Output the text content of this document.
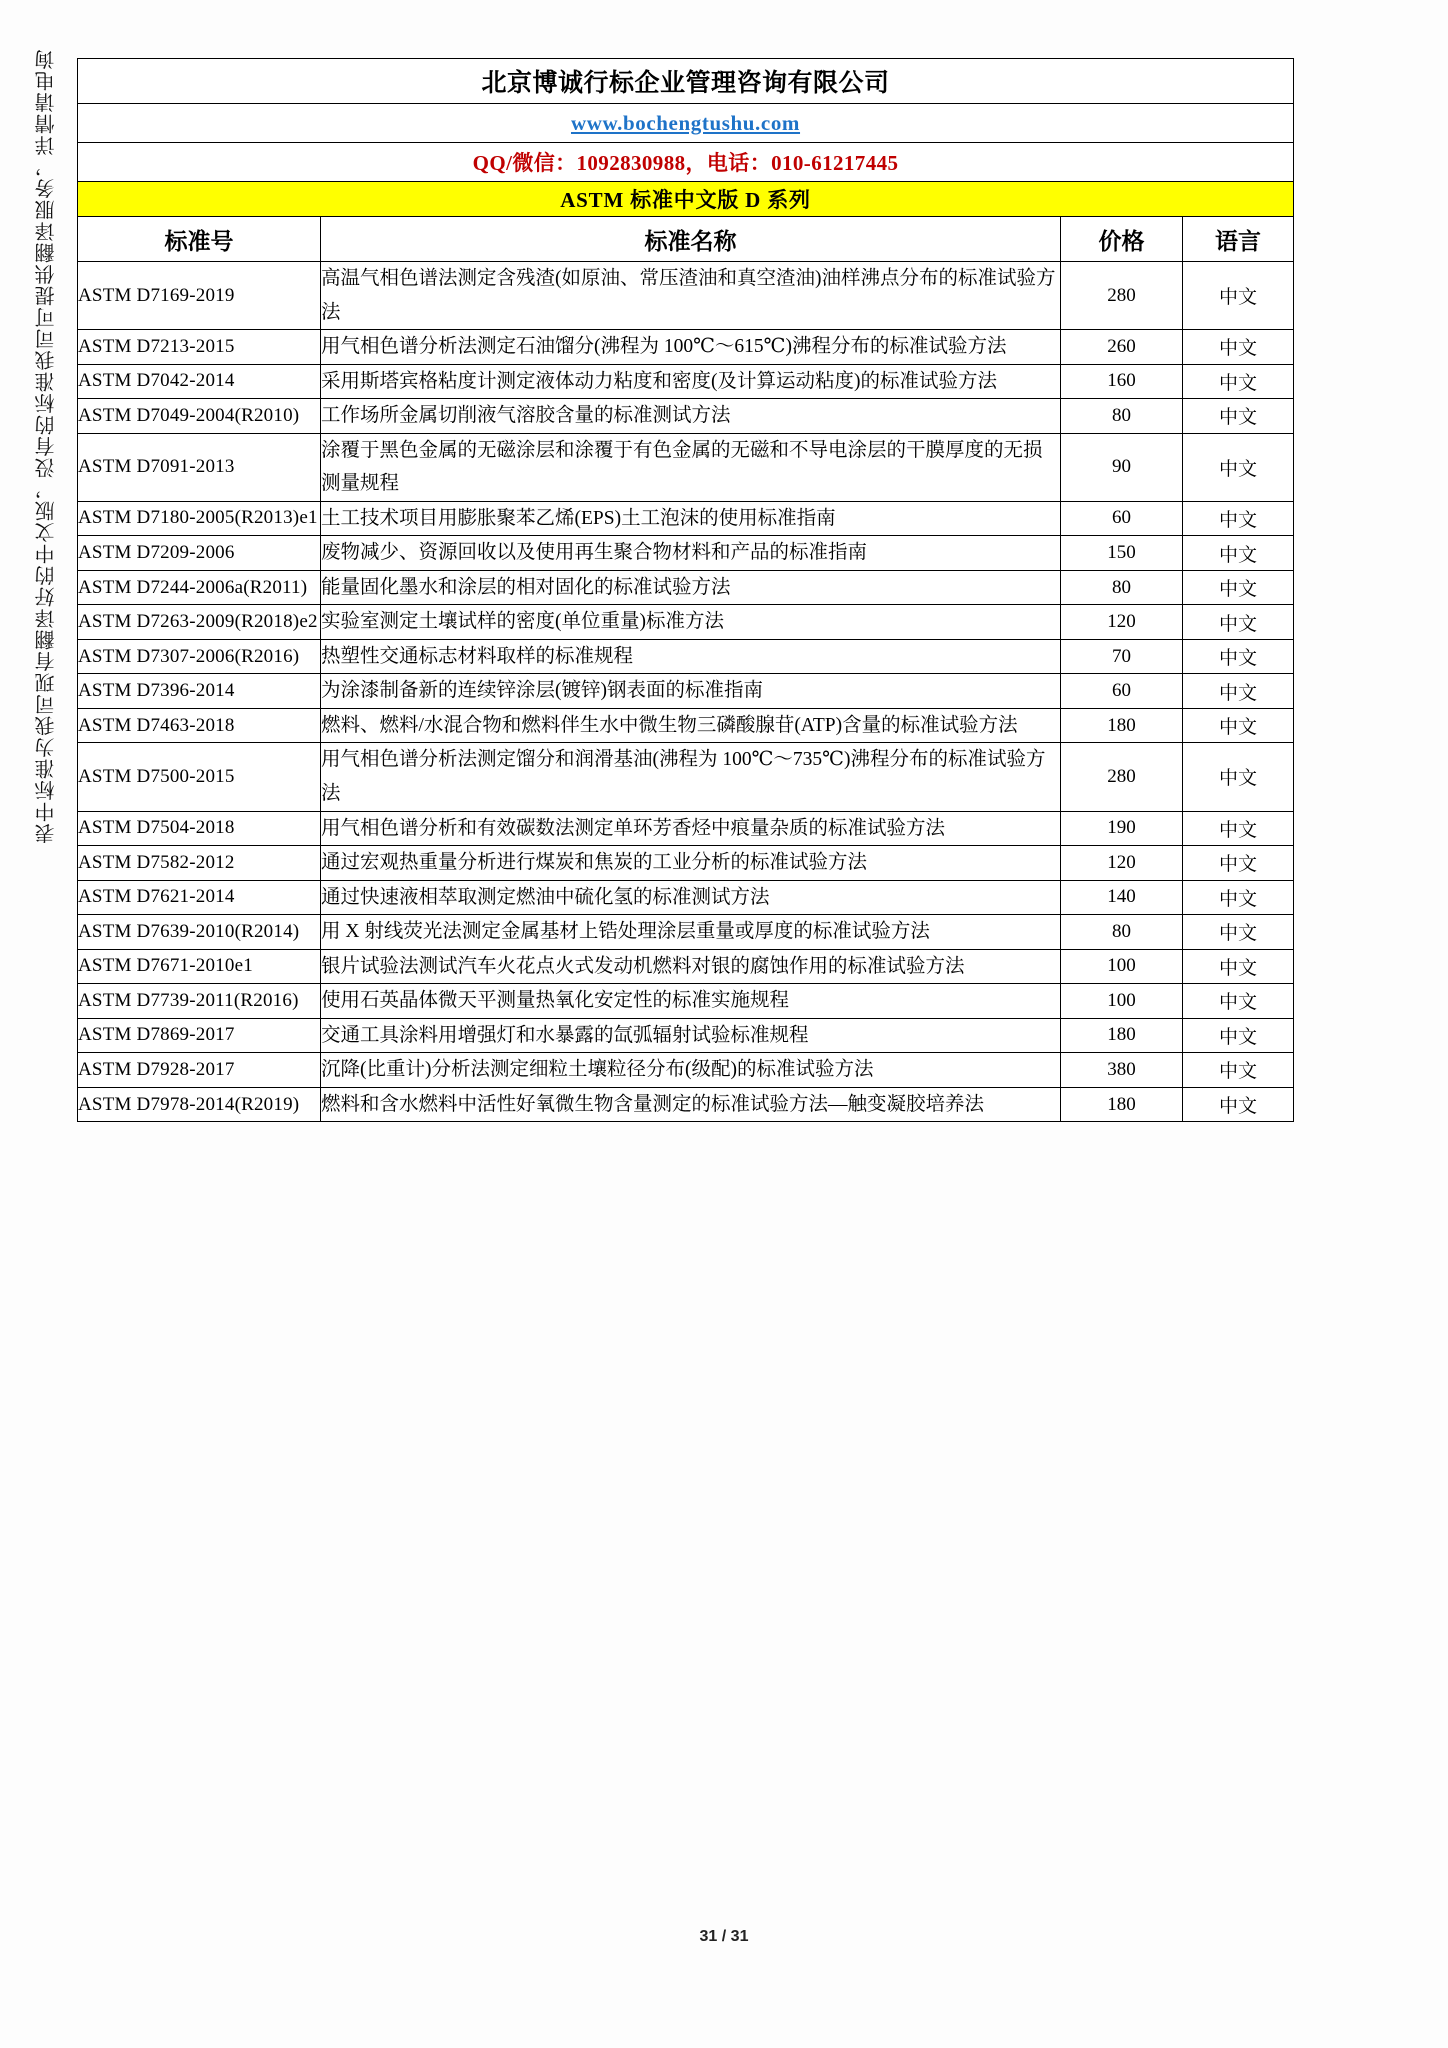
表中标准为我司现有翻译好的中文版，没有的标准我司可提供翻译服务，详情请电询	北京博诚行标企业管理咨询有限公司			
www.bochengtushu.com			
QQ/微信：1092830988，电话：010-61217445			
ASTM 标准中文版 D 系列			
标准号	标准名称	价格	语言
ASTM D7169-2019	高温气相色谱法测定含残渣(如原油、常压渣油和真空渣油)油样沸点分布的标准试验方法	280	中文
ASTM D7213-2015	用气相色谱分析法测定石油馏分(沸程为 100℃～615℃)沸程分布的标准试验方法	260	中文
ASTM D7042-2014	采用斯塔宾格粘度计测定液体动力粘度和密度(及计算运动粘度)的标准试验方法	160	中文
ASTM D7049-2004(R2010)	工作场所金属切削液气溶胶含量的标准测试方法	80	中文
ASTM D7091-2013	涂覆于黑色金属的无磁涂层和涂覆于有色金属的无磁和不导电涂层的干膜厚度的无损测量规程	90	中文
ASTM D7180-2005(R2013)e1	土工技术项目用膨胀聚苯乙烯(EPS)土工泡沫的使用标准指南	60	中文
ASTM D7209-2006	废物减少、资源回收以及使用再生聚合物材料和产品的标准指南	150	中文
ASTM D7244-2006a(R2011)	能量固化墨水和涂层的相对固化的标准试验方法	80	中文
ASTM D7263-2009(R2018)e2	实验室测定土壤试样的密度(单位重量)标准方法	120	中文
ASTM D7307-2006(R2016)	热塑性交通标志材料取样的标准规程	70	中文
ASTM D7396-2014	为涂漆制备新的连续锌涂层(镀锌)钢表面的标准指南	60	中文
ASTM D7463-2018	燃料、燃料/水混合物和燃料伴生水中微生物三磷酸腺苷(ATP)含量的标准试验方法	180	中文
ASTM D7500-2015	用气相色谱分析法测定馏分和润滑基油(沸程为 100℃～735℃)沸程分布的标准试验方法	280	中文
ASTM D7504-2018	用气相色谱分析和有效碳数法测定单环芳香烃中痕量杂质的标准试验方法	190	中文
ASTM D7582-2012	通过宏观热重量分析进行煤炭和焦炭的工业分析的标准试验方法	120	中文
ASTM D7621-2014	通过快速液相萃取测定燃油中硫化氢的标准测试方法	140	中文
ASTM D7639-2010(R2014)	用 X 射线荧光法测定金属基材上锆处理涂层重量或厚度的标准试验方法	80	中文
ASTM D7671-2010e1	银片试验法测试汽车火花点火式发动机燃料对银的腐蚀作用的标准试验方法	100	中文
ASTM D7739-2011(R2016)	使用石英晶体微天平测量热氧化安定性的标准实施规程	100	中文
ASTM D7869-2017	交通工具涂料用增强灯和水暴露的氙弧辐射试验标准规程	180	中文
ASTM D7928-2017	沉降(比重计)分析法测定细粒土壤粒径分布(级配)的标准试验方法	380	中文
ASTM D7978-2014(R2019)	燃料和含水燃料中活性好氧微生物含量测定的标准试验方法—触变凝胶培养法	180	中文
31 / 31
